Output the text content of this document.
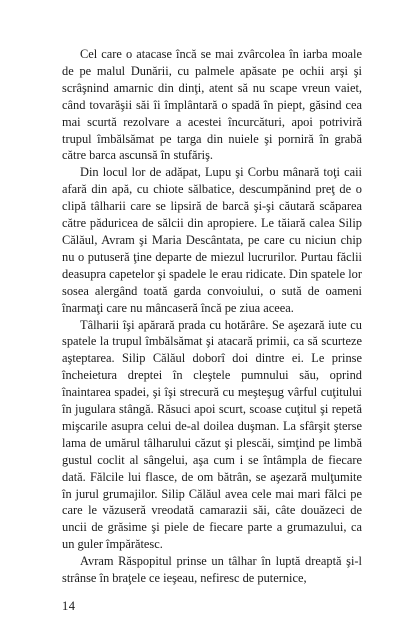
Cel care o atacase încă se mai zvârcolea în iarba moale de pe malul Dunării, cu palmele apăsate pe ochii arşi şi scrâşnind amarnic din dinţi, atent să nu scape vreun vaiet, când tovarăşii săi îi împlântară o spadă în piept, găsind cea mai scurtă rezolvare a acestei încurcături, apoi potriviră trupul îmbălsămat pe targa din nuiele şi porniră în grabă către barca ascunsă în stufăriş.

Din locul lor de adăpat, Lupu şi Corbu mânară toţi caii afară din apă, cu chiote sălbatice, descumpănind preţ de o clipă tâlharii care se lipsiră de barcă şi-şi căutară scăparea către păduricea de sălcii din apropiere. Le tăiară calea Silip Călăul, Avram şi Maria Descântata, pe care cu niciun chip nu o putuseră ţine departe de miezul lucrurilor. Purtau făclii deasupra capetelor şi spadele le erau ridicate. Din spatele lor sosea alergând toată garda convoiului, o sută de oameni înarmaţi care nu mâncaseră încă pe ziua aceea.

Tâlharii îşi apărară prada cu hotărâre. Se aşezară iute cu spatele la trupul îmbălsămat şi atacară primii, ca să scurteze aşteptarea. Silip Călăul doborî doi dintre ei. Le prinse încheietura dreptei în cleştele pumnului său, oprind înaintarea spadei, şi îşi strecură cu meşteşug vârful cuţitului în jugulara stângă. Răsuci apoi scurt, scoase cuţitul şi repetă mişcarile asupra celui de-al doilea duşman. La sfârşit şterse lama de umărul tâlharului căzut şi plescăi, simţind pe limbă gustul coclit al sângelui, aşa cum i se întâmpla de fiecare dată. Fălcile lui flasce, de om bătrân, se aşezară mulţumite în jurul grumajilor. Silip Călăul avea cele mai mari fălci pe care le văzuseră vreodată camarazii săi, câte douăzeci de uncii de grăsime şi piele de fiecare parte a grumazului, ca un guler împărătesc.

Avram Răspopitul prinse un tâlhar în luptă dreaptă şi-l strânse în braţele ce ieşeau, nefiresc de puternice,

14
